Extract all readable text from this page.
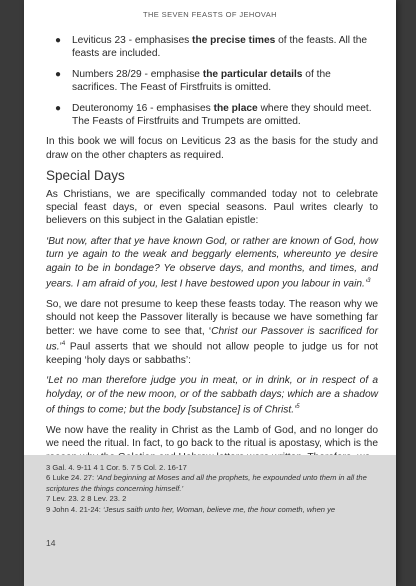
THE SEVEN FEASTS OF JEHOVAH
● Leviticus 23 - emphasises the precise times of the feasts. All the feasts are included.
● Numbers 28/29 - emphasise the particular details of the sacrifices. The Feast of Firstfruits is omitted.
● Deuteronomy 16 - emphasises the place where they should meet. The Feasts of Firstfruits and Trumpets are omitted.

In this book we will focus on Leviticus 23 as the basis for the study and draw on the other chapters as required.

Special Days

As Christians, we are specifically commanded today not to celebrate special feast days, or even special seasons. Paul writes clearly to believers on this subject in the Galatian epistle:

‘But now, after that ye have known God, or rather are known of God, how turn ye again to the weak and beggarly elements, whereunto ye desire again to be in bondage? Ye observe days, and months, and times, and years. I am afraid of you, lest I have bestowed upon you labour in vain.’$^3$

So, we dare not presume to keep these feasts today. The reason why we should not keep the Passover literally is because we have something far better: we have come to see that, ‘Christ our Passover is sacrificed for us.’$^4$ Paul asserts that we should not allow people to judge us for not keeping ‘holy days or sabbaths’:

‘Let no man therefore judge you in meat, or in drink, or in respect of a holyday, or of the new moon, or of the sabbath days; which are a shadow of things to come; but the body [substance] is of Christ.’$^5$

We now have the reality in Christ as the Lamb of God, and no longer do we need the ritual. In fact, to go back to the ritual is apostasy, which is the

3 Gal. 4. 9-11 4 1 Cor. 5. 7 5 Col. 2. 16-17
6 Luke 24. 27: ‘And beginning at Moses and all the prophets, he expounded unto them in all the scriptures the things concerning himself.’
7 Lev. 23. 2 8 Lev. 23. 2
9 John 4. 21-24: ‘Jesus saith unto her, Woman, believe me, the hour cometh, when ye
14
